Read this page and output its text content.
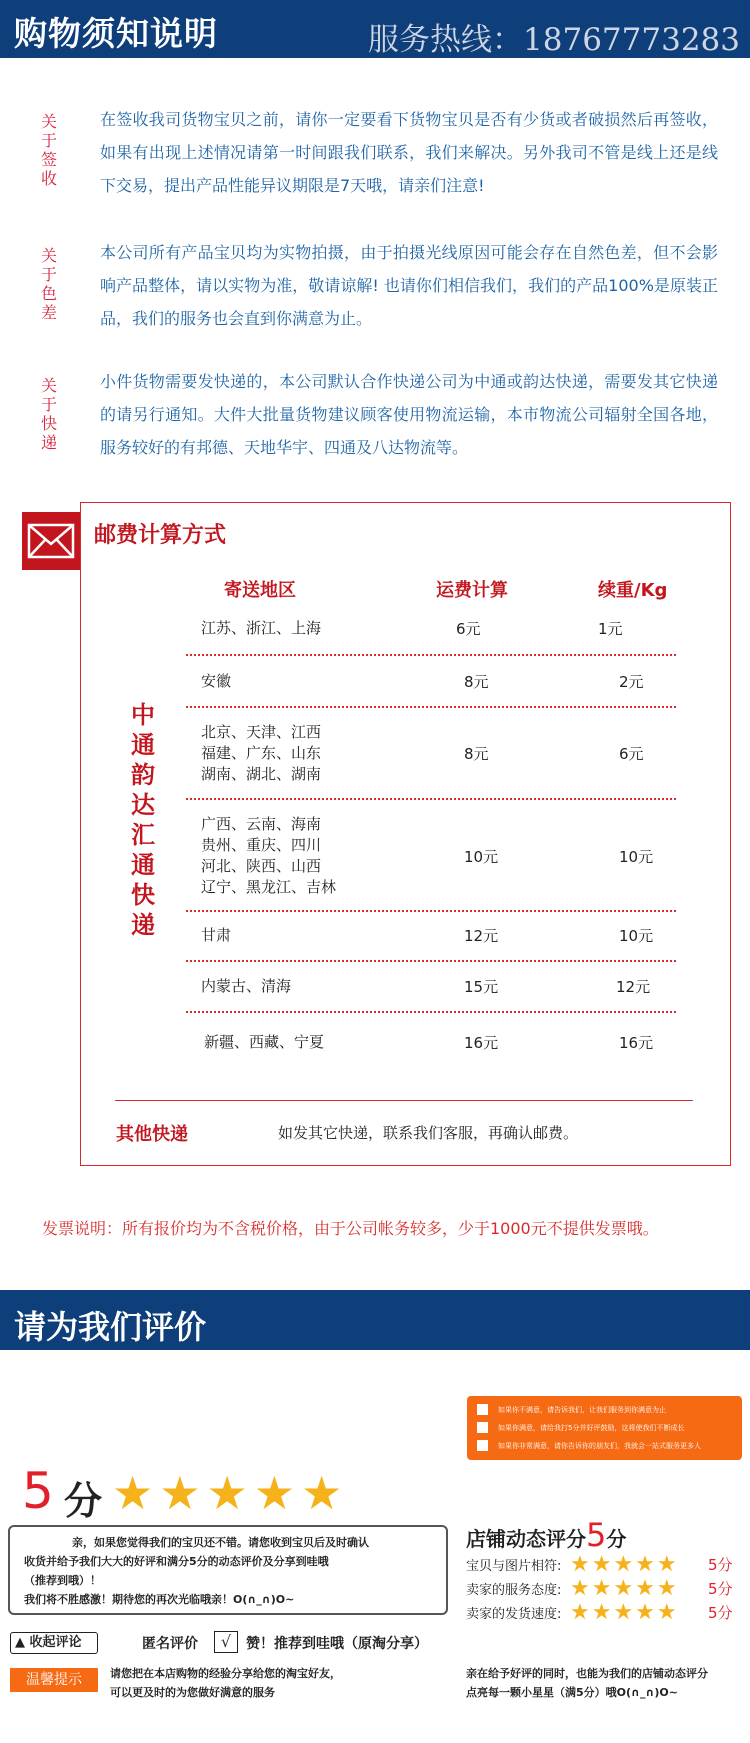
购物须知说明	服务热线：18767773283
关于签收
在签收我司货物宝贝之前，请你一定要看下货物宝贝是否有少货或者破损然后再签收，如果有出现上述情况请第一时间跟我们联系，我们来解决。另外我司不管是线上还是线下交易，提出产品性能异议期限是7天哦，请亲们注意!
关于色差
本公司所有产品宝贝均为实物拍摄，由于拍摄光线原因可能会存在自然色差，但不会影响产品整体，请以实物为准，敬请谅解! 也请你们相信我们，我们的产品100%是原装正品，我们的服务也会直到你满意为止。
关于快递
小件货物需要发快递的，本公司默认合作快递公司为中通或韵达快递，需要发其它快递的请另行通知。大件大批量货物建议顾客使用物流运输，本市物流公司辐射全国各地，服务较好的有邦德、天地华宇、四通及八达物流等。
邮费计算方式
寄送地区	运费计算	续重/Kg
中通 韵达 汇通快递
江苏、浙江、上海	6元	1元
安徽	8元	2元
北京、天津、江西
福建、广东、山东
湖南、湖北、湖南
8元	6元
广西、云南、海南
贵州、重庆、四川
河北、陕西、山西
辽宁、黑龙江、吉林
10元	10元
甘肃	12元	10元
内蒙古、清海	15元	12元
新疆、西藏、宁夏	16元	16元
其他快递	如发其它快递，联系我们客服，再确认邮费。
发票说明：所有报价均为不含税价格，由于公司帐务较多，少于1000元不提供发票哦。
请为我们评价
如果你不满意，请告诉我们，让我们服务到你满意为止
如果你满意，请给我打5分并好评鼓励，这将使我们不断成长
如果你非常满意，请你告诉你的朋友们，我就会一站式服务更多人
5 分 ★★★★★
亲，如果您觉得我们的宝贝还不错。请您收到宝贝后及时确认
收货并给予我们大大的好评和满分5分的动态评价及分享到哇哦
（推荐到哦）！
我们将不胜感激！期待您的再次光临哦亲！O(∩_∩)O~
店铺动态评分5分
宝贝与图片相符: ★★★★★	5分
卖家的服务态度: ★★★★★	5分
卖家的发货速度: ★★★★★	5分
▲ 收起评论	匿名评价	√	赞！推荐到哇哦（原淘分享）
温馨提示	请您把在本店购物的经验分享给您的淘宝好友，
可以更及时的为您做好满意的服务
亲在给予好评的同时，也能为我们的店铺动态评分
点亮每一颗小星星（满5分）哦O(∩_∩)O~
